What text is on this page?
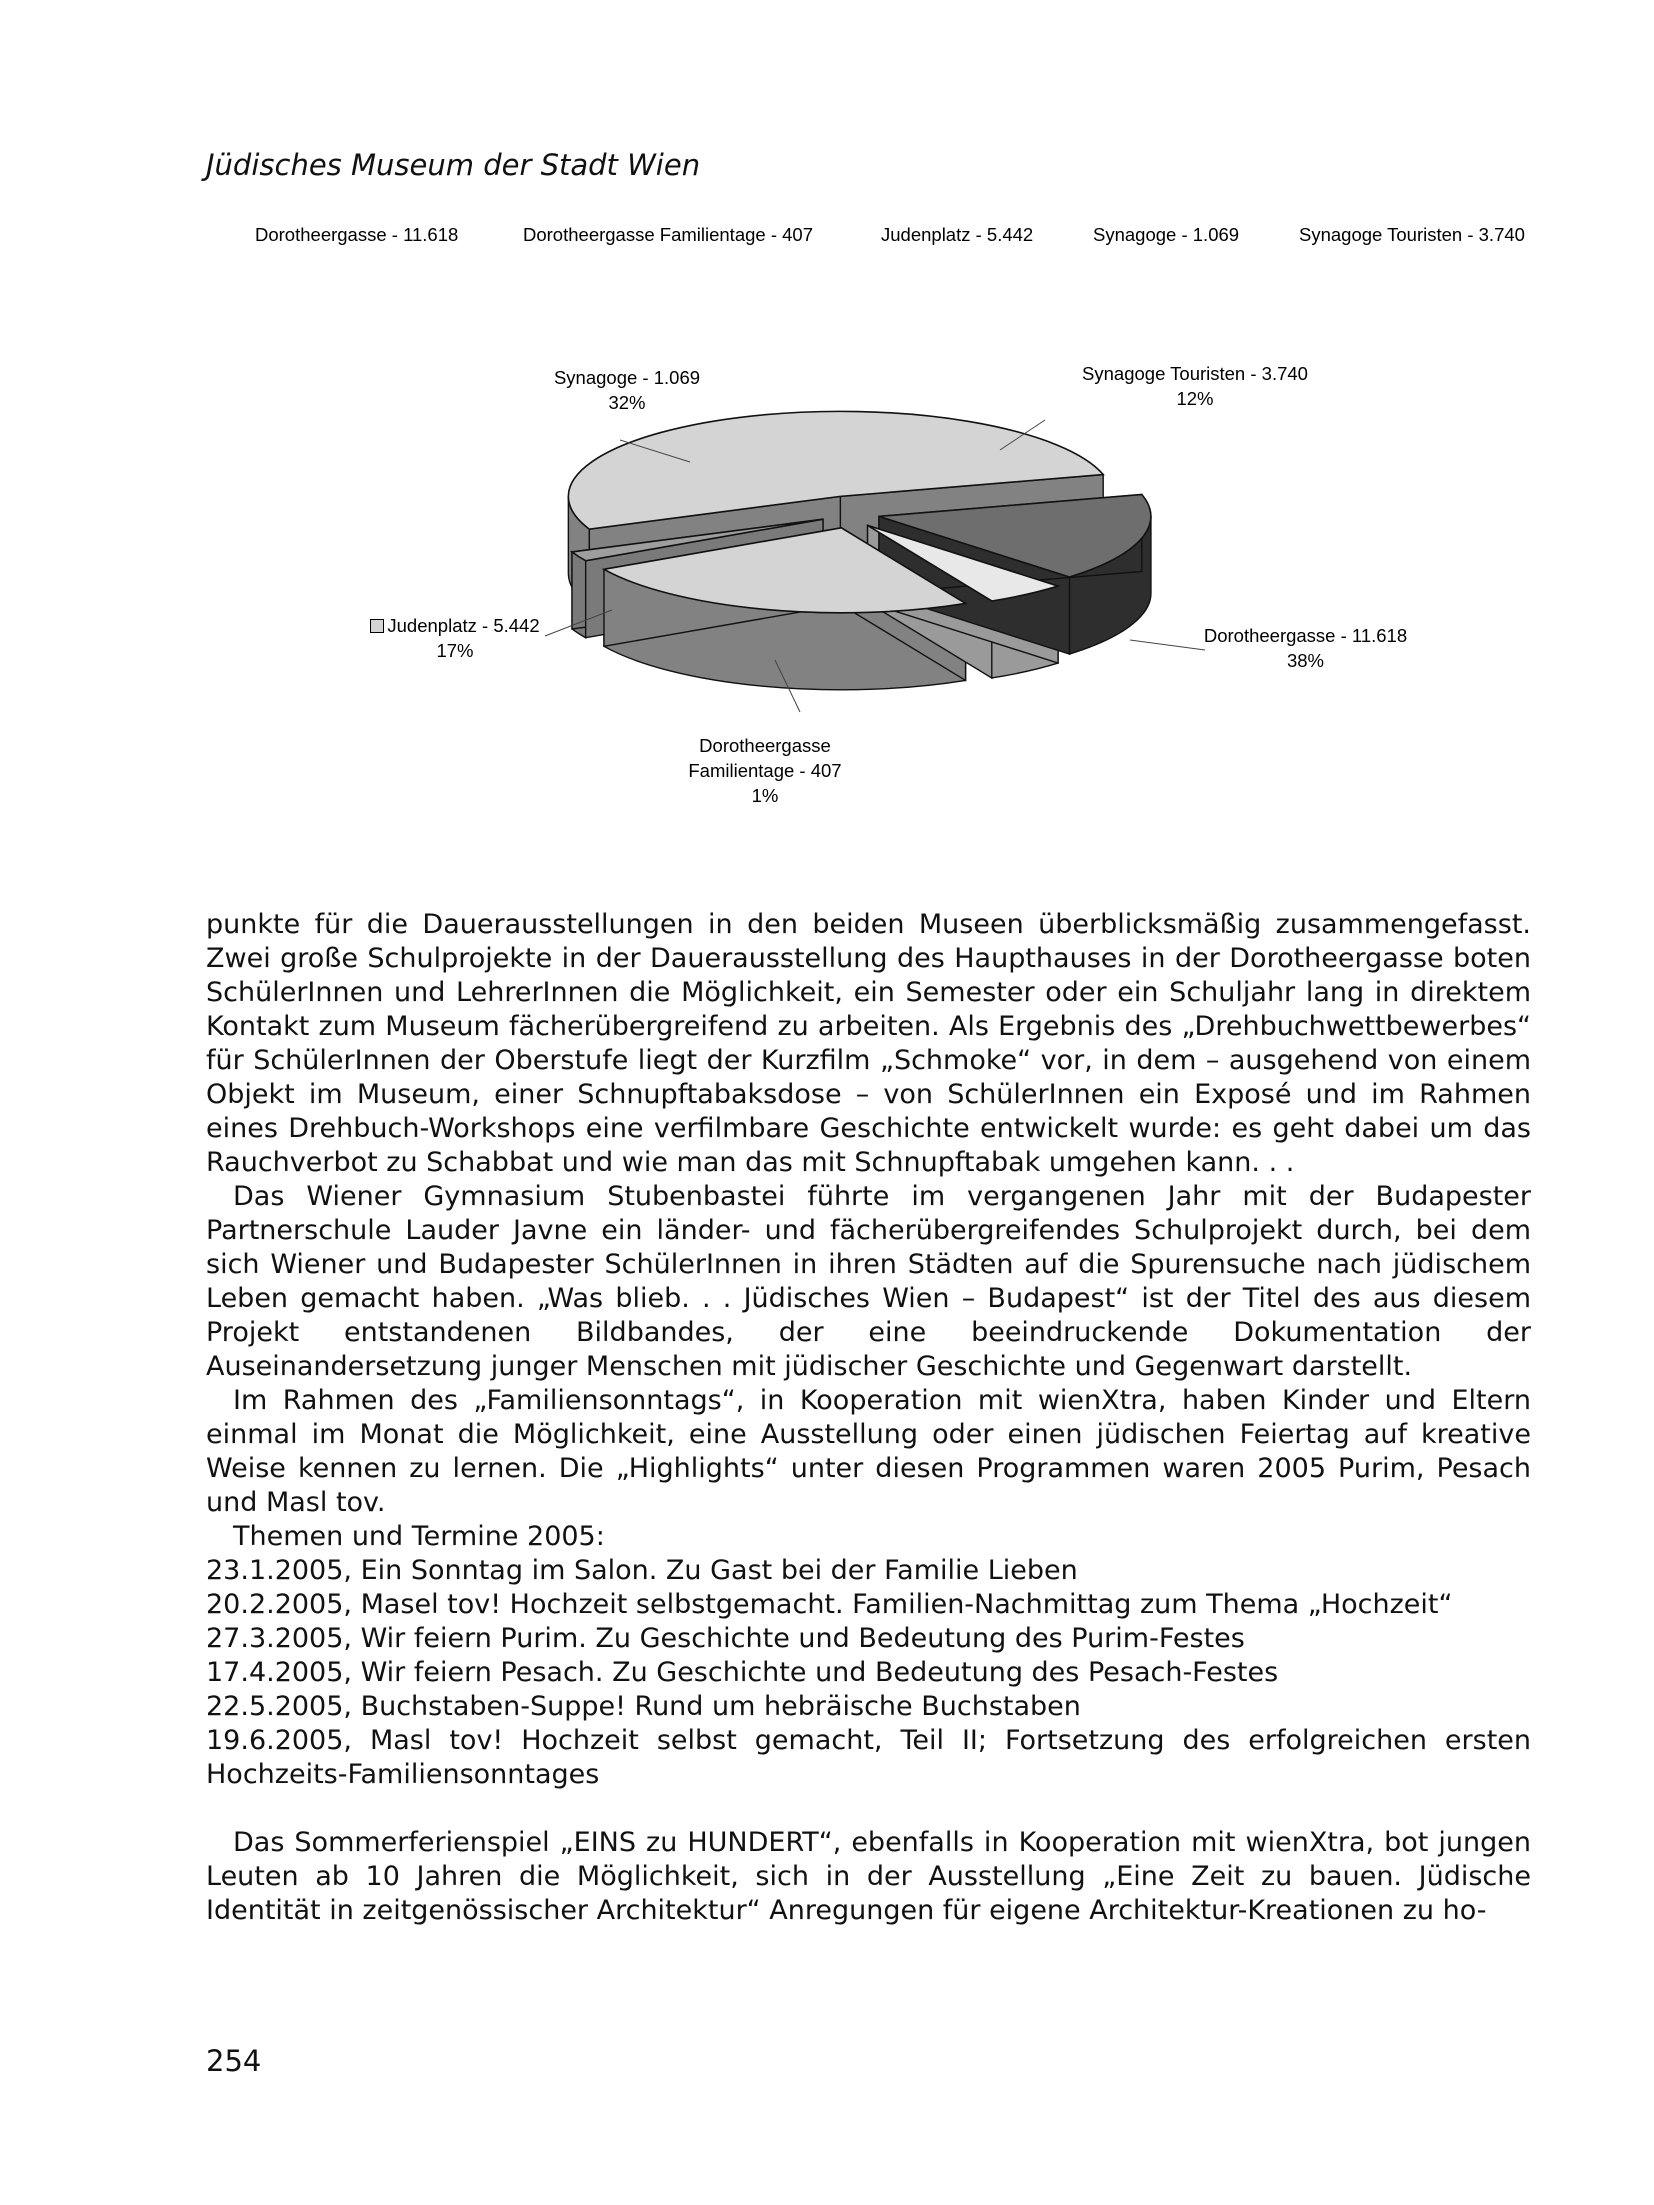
Jüdisches Museum der Stadt Wien
Dorotheergasse - 11.618	Dorotheergasse Familientage - 407	Judenplatz - 5.442	Synagoge - 1.069	Synagoge Touristen - 3.740
Synagoge - 1.069
32%
Synagoge Touristen - 3.740
12%
Judenplatz - 5.442
17%
Dorotheergasse - 11.618
38%
Dorotheergasse
Familientage - 407
1%

punkte für die Dauerausstellungen in den beiden Museen überblicksmäßig zusammengefasst. Zwei große Schulprojekte in der Dauerausstellung des Haupthauses in der Dorotheergasse boten SchülerInnen und LehrerInnen die Möglichkeit, ein Semester oder ein Schuljahr lang in direktem Kontakt zum Museum fächerübergreifend zu arbeiten. Als Ergebnis des „Drehbuchwettbewerbes“ für SchülerInnen der Oberstufe liegt der Kurzfilm „Schmoke“ vor, in dem – ausgehend von einem Objekt im Museum, einer Schnupftabaksdose – von SchülerInnen ein Exposé und im Rahmen eines Drehbuch-Workshops eine verfilmbare Geschichte entwickelt wurde: es geht dabei um das Rauchverbot zu Schabbat und wie man das mit Schnupftabak umgehen kann. . .

Das Wiener Gymnasium Stubenbastei führte im vergangenen Jahr mit der Budapester Partnerschule Lauder Javne ein länder- und fächerübergreifendes Schulprojekt durch, bei dem sich Wiener und Budapester SchülerInnen in ihren Städten auf die Spurensuche nach jüdischem Leben gemacht haben. „Was blieb. . . Jüdisches Wien – Budapest“ ist der Titel des aus diesem Projekt entstandenen Bildbandes, der eine beeindruckende Dokumentation der Auseinandersetzung junger Menschen mit jüdischer Geschichte und Gegenwart darstellt.

Im Rahmen des „Familiensonntags“, in Kooperation mit wienXtra, haben Kinder und Eltern einmal im Monat die Möglichkeit, eine Ausstellung oder einen jüdischen Feiertag auf kreative Weise kennen zu lernen. Die „Highlights“ unter diesen Programmen waren 2005 Purim, Pesach und Masl tov.

Themen und Termine 2005:

23.1.2005, Ein Sonntag im Salon. Zu Gast bei der Familie Lieben

20.2.2005, Masel tov! Hochzeit selbstgemacht. Familien-Nachmittag zum Thema „Hochzeit“

27.3.2005, Wir feiern Purim. Zu Geschichte und Bedeutung des Purim-Festes

17.4.2005, Wir feiern Pesach. Zu Geschichte und Bedeutung des Pesach-Festes

22.5.2005, Buchstaben-Suppe! Rund um hebräische Buchstaben

19.6.2005, Masl tov! Hochzeit selbst gemacht, Teil II; Fortsetzung des erfolgreichen ersten Hochzeits-Familiensonntages

Das Sommerferienspiel „EINS zu HUNDERT“, ebenfalls in Kooperation mit wienXtra, bot jungen Leuten ab 10 Jahren die Möglichkeit, sich in der Ausstellung „Eine Zeit zu bauen. Jüdische Identität in zeitgenössischer Architektur“ Anregungen für eigene Architektur-Kreationen zu ho-

254
